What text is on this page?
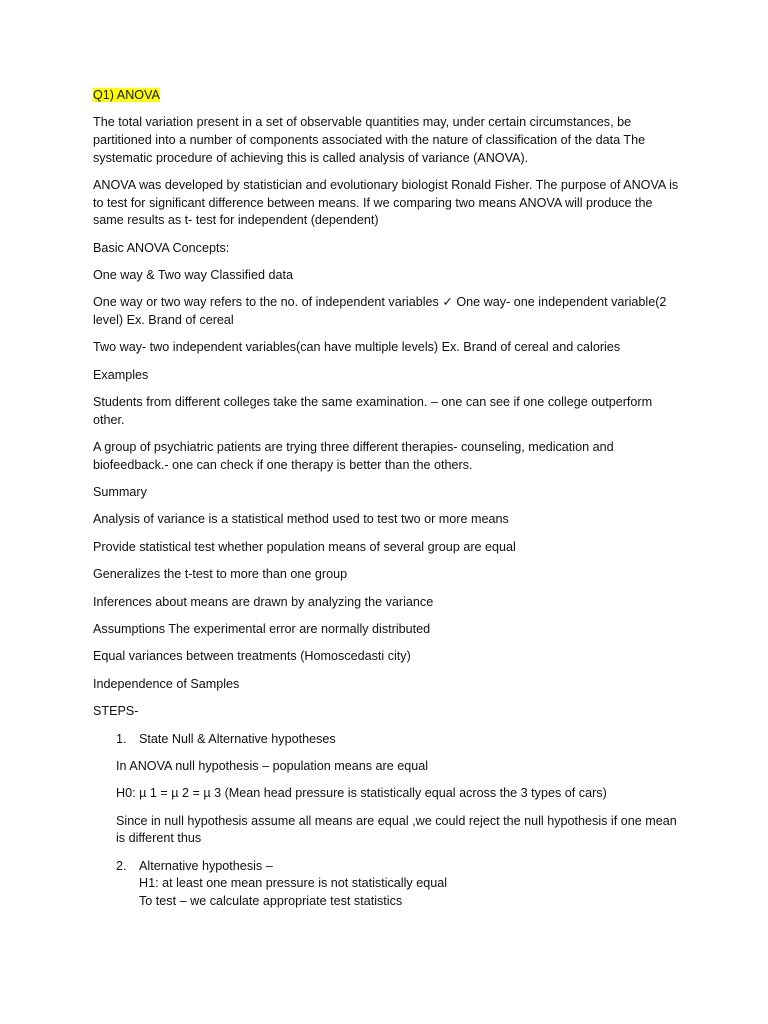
Q1) ANOVA
The total variation present in a set of observable quantities may, under certain circumstances, be partitioned into a number of components associated with the nature of classification of the data The systematic procedure of achieving this is called analysis of variance (ANOVA).
ANOVA was developed by statistician and evolutionary biologist Ronald Fisher. The purpose of ANOVA is to test for significant difference between means. If we comparing two means ANOVA will produce the same results as t- test for independent (dependent)
Basic ANOVA Concepts:
One way & Two way Classified data
One way or two way refers to the no. of independent variables ✓ One way- one independent variable(2 level) Ex. Brand of cereal
Two way- two independent variables(can have multiple levels) Ex. Brand of cereal and calories
Examples
Students from different colleges take the same examination. – one can see if one college outperform other.
A group of psychiatric patients are trying three different therapies- counseling, medication and biofeedback.- one can check if one therapy is better than the others.
Summary
Analysis of variance is a statistical method used to test two or more means
Provide statistical test whether population means of several group are equal
Generalizes the t-test to more than one group
Inferences about means are drawn by analyzing the variance
Assumptions The experimental error are normally distributed
Equal variances between treatments (Homoscedasti city)
Independence of Samples
STEPS-
1. State Null & Alternative hypotheses
In ANOVA null hypothesis – population means are equal
H0: µ 1 = µ 2 = µ 3 (Mean head pressure is statistically equal across the 3 types of cars)
Since in null hypothesis assume all means are equal ,we could reject the null hypothesis if one mean is different thus
2. Alternative hypothesis –
H1: at least one mean pressure is not statistically equal
To test – we calculate appropriate test statistics
